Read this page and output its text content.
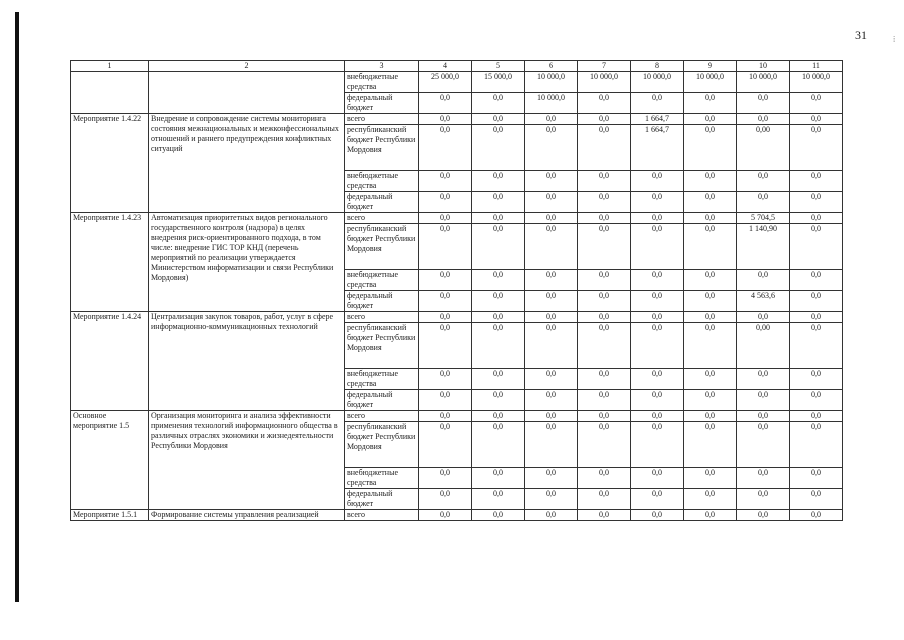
31	⁞
1	2	3	4	5	6	7	8	9	10	11
		внебюджетные средства	25 000,0	15 000,0	10 000,0	10 000,0	10 000,0	10 000,0	10 000,0	10 000,0
		федеральный бюджет	0,0	0,0	10 000,0	0,0	0,0	0,0	0,0	0,0
Мероприятие 1.4.22	Внедрение и сопровождение системы мониторинга состояния межнациональных и межконфессиональных отношений и раннего предупреждения конфликтных ситуаций	всего	0,0	0,0	0,0	0,0	1 664,7	0,0	0,0	0,0
		республиканский бюджет Республики Мордовия	0,0	0,0	0,0	0,0	1 664,7	0,0	0,00	0,0
		внебюджетные средства	0,0	0,0	0,0	0,0	0,0	0,0	0,0	0,0
		федеральный бюджет	0,0	0,0	0,0	0,0	0,0	0,0	0,0	0,0
Мероприятие 1.4.23	Автоматизация приоритетных видов регионального государственного контроля (надзора) в целях внедрения риск-ориентированного подхода, в том числе: внедрение ГИС ТОР КНД (перечень мероприятий по реализации утверждается Министерством информатизации и связи Республики Мордовия)	всего	0,0	0,0	0,0	0,0	0,0	0,0	5 704,5	0,0
		республиканский бюджет Республики Мордовия	0,0	0,0	0,0	0,0	0,0	0,0	1 140,90	0,0
		внебюджетные средства	0,0	0,0	0,0	0,0	0,0	0,0	0,0	0,0
		федеральный бюджет	0,0	0,0	0,0	0,0	0,0	0,0	4 563,6	0,0
Мероприятие 1.4.24	Централизация закупок товаров, работ, услуг в сфере информационно-коммуникационных технологий	всего	0,0	0,0	0,0	0,0	0,0	0,0	0,0	0,0
		республиканский бюджет Республики Мордовия	0,0	0,0	0,0	0,0	0,0	0,0	0,00	0,0
		внебюджетные средства	0,0	0,0	0,0	0,0	0,0	0,0	0,0	0,0
		федеральный бюджет	0,0	0,0	0,0	0,0	0,0	0,0	0,0	0,0
Основное мероприятие 1.5	Организация мониторинга и анализа эффективности применения технологий информационного общества в различных отраслях экономики и жизнедеятельности Республики Мордовия	всего	0,0	0,0	0,0	0,0	0,0	0,0	0,0	0,0
		республиканский бюджет Республики Мордовия	0,0	0,0	0,0	0,0	0,0	0,0	0,0	0,0
		внебюджетные средства	0,0	0,0	0,0	0,0	0,0	0,0	0,0	0,0
		федеральный бюджет	0,0	0,0	0,0	0,0	0,0	0,0	0,0	0,0
Мероприятие 1.5.1	Формирование системы управления реализацией	всего	0,0	0,0	0,0	0,0	0,0	0,0	0,0	0,0
